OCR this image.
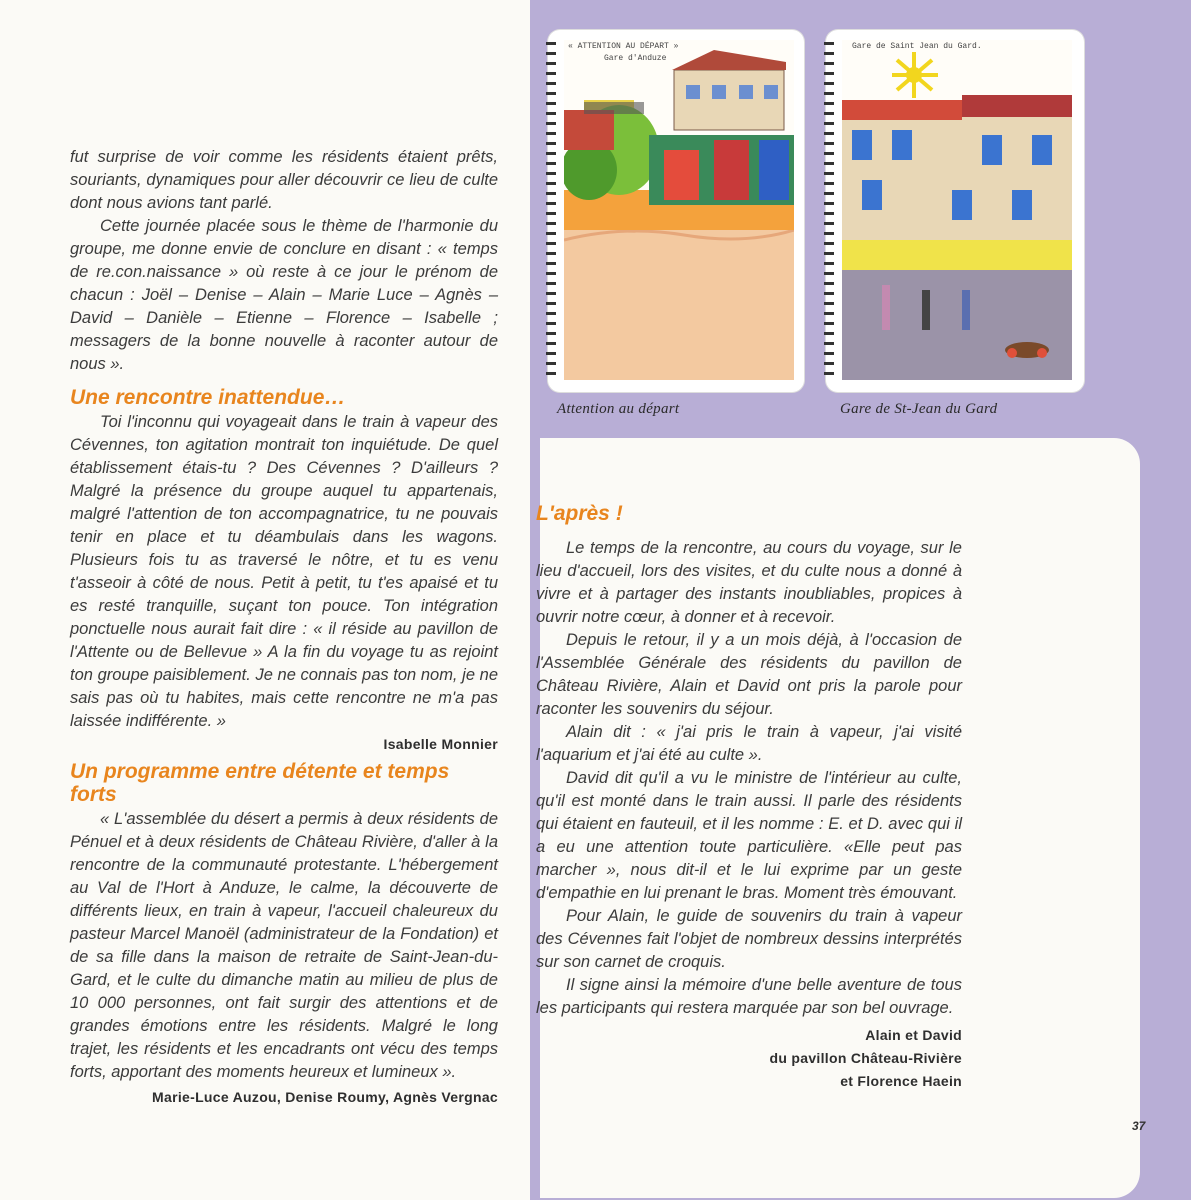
« ATTENTION AU DÉPART »
Gare d'Anduze
Gare de Saint Jean du Gard.
Attention au départ	Gare de St-Jean du Gard

fut surprise de voir comme les résidents étaient prêts, souriants, dynamiques pour aller découvrir ce lieu de culte dont nous avions tant parlé.

Cette journée placée sous le thème de l'harmonie du groupe, me donne envie de conclure en disant : « temps de re.con.naissance » où reste à ce jour le prénom de chacun : Joël – Denise – Alain – Marie Luce – Agnès – David – Danièle – Etienne – Florence – Isabelle ; messagers de la bonne nouvelle à raconter autour de nous ».

Une rencontre inattendue…

Toi l'inconnu qui voyageait dans le train à vapeur des Cévennes, ton agitation montrait ton inquiétude. De quel établissement étais-tu ? Des Cévennes ? D'ailleurs ? Malgré la présence du groupe auquel tu appartenais, malgré l'attention de ton accompagnatrice, tu ne pouvais tenir en place et tu déambulais dans les wagons. Plusieurs fois tu as traversé le nôtre, et tu es venu t'asseoir à côté de nous. Petit à petit, tu t'es apaisé et tu es resté tranquille, suçant ton pouce. Ton intégration ponctuelle nous aurait fait dire : « il réside au pavillon de l'Attente ou de Bellevue » A la fin du voyage tu as rejoint ton groupe paisiblement. Je ne connais pas ton nom, je ne sais pas où tu habites, mais cette rencontre ne m'a pas laissée indifférente. »

Isabelle Monnier
Un programme entre détente et temps forts

« L'assemblée du désert a permis à deux résidents de Pénuel et à deux résidents de Château Rivière, d'aller à la rencontre de la communauté protestante. L'hébergement au Val de l'Hort à Anduze, le calme, la découverte de différents lieux, en train à vapeur, l'accueil chaleureux du pasteur Marcel Manoël (administrateur de la Fondation) et de sa fille dans la maison de retraite de Saint-Jean-du-Gard, et le culte du dimanche matin au milieu de plus de 10 000 personnes, ont fait surgir des attentions et de grandes émotions entre les résidents. Malgré le long trajet, les résidents et les encadrants ont vécu des temps forts, apportant des moments heureux et lumineux ».

Marie-Luce Auzou, Denise Roumy, Agnès Vergnac
L'après !

Le temps de la rencontre, au cours du voyage, sur le lieu d'accueil, lors des visites, et du culte nous a donné à vivre et à partager des instants inoubliables, propices à ouvrir notre cœur, à donner et à recevoir.

Depuis le retour, il y a un mois déjà, à l'occasion de l'Assemblée Générale des résidents du pavillon de Château Rivière, Alain et David ont pris la parole pour raconter les souvenirs du séjour.

Alain dit : « j'ai pris le train à vapeur, j'ai visité l'aquarium et j'ai été au culte ».

David dit qu'il a vu le ministre de l'intérieur au culte, qu'il est monté dans le train aussi. Il parle des résidents qui étaient en fauteuil, et il les nomme : E. et D. avec qui il a eu une attention toute particulière. «Elle peut pas marcher », nous dit-il et le lui exprime par un geste d'empathie en lui prenant le bras. Moment très émouvant.

Pour Alain, le guide de souvenirs du train à vapeur des Cévennes fait l'objet de nombreux dessins interprétés sur son carnet de croquis.

Il signe ainsi la mémoire d'une belle aventure de tous les participants qui restera marquée par son bel ouvrage.

Alain et David
du pavillon Château-Rivière
et Florence Haein
37
